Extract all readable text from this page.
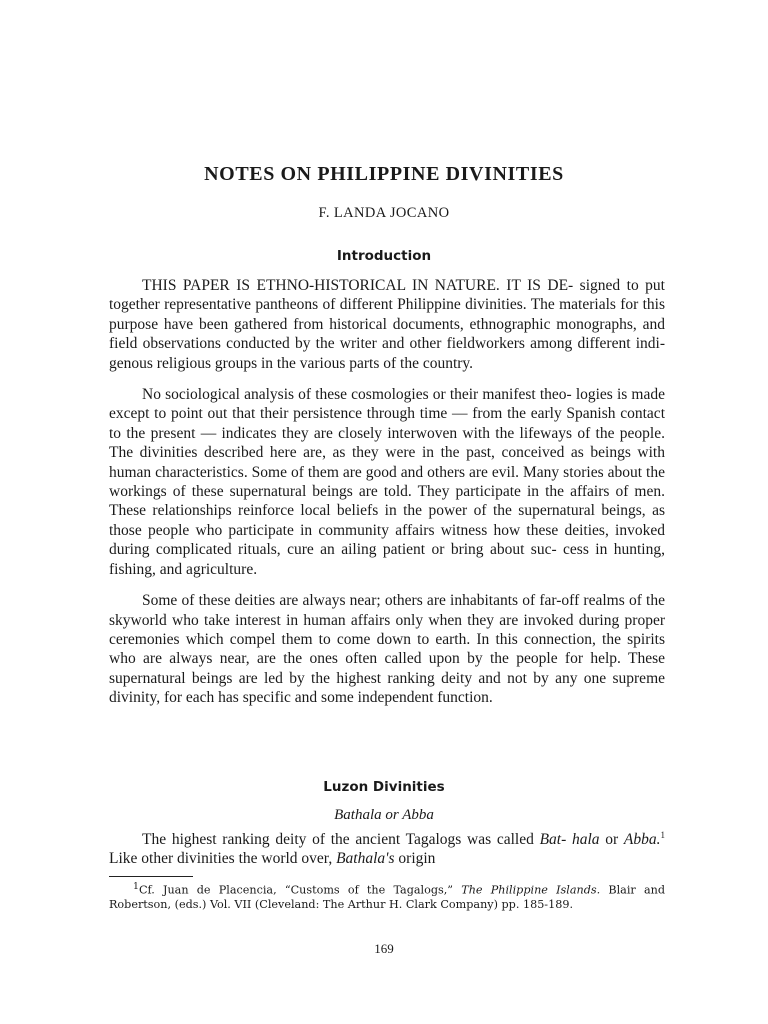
NOTES ON PHILIPPINE DIVINITIES
F. LANDA JOCANO
Introduction

THIS PAPER IS ETHNO-HISTORICAL IN NATURE. IT IS DE- signed to put together representative pantheons of different Philippine divinities. The materials for this purpose have been gathered from historical documents, ethnographic monographs, and field observations conducted by the writer and other fieldworkers among different indi- genous religious groups in the various parts of the country.

No sociological analysis of these cosmologies or their manifest theo- logies is made except to point out that their persistence through time — from the early Spanish contact to the present — indicates they are closely interwoven with the lifeways of the people. The divinities described here are, as they were in the past, conceived as beings with human characteristics. Some of them are good and others are evil. Many stories about the workings of these supernatural beings are told. They participate in the affairs of men. These relationships reinforce local beliefs in the power of the supernatural beings, as those people who participate in community affairs witness how these deities, invoked during complicated rituals, cure an ailing patient or bring about suc- cess in hunting, fishing, and agriculture.

Some of these deities are always near; others are inhabitants of far-off realms of the skyworld who take interest in human affairs only when they are invoked during proper ceremonies which compel them to come down to earth. In this connection, the spirits who are always near, are the ones often called upon by the people for help. These supernatural beings are led by the highest ranking deity and not by any one supreme divinity, for each has specific and some independent function.

Luzon Divinities
Bathala or Abba

The highest ranking deity of the ancient Tagalogs was called Bat- hala or Abba.$^1$ Like other divinities the world over, Bathala's origin

$^1$Cf. Juan de Placencia, “Customs of the Tagalogs,” The Philippine Islands. Blair and Robertson, (eds.) Vol. VII (Cleveland: The Arthur H. Clark Company) pp. 185-189.

169
